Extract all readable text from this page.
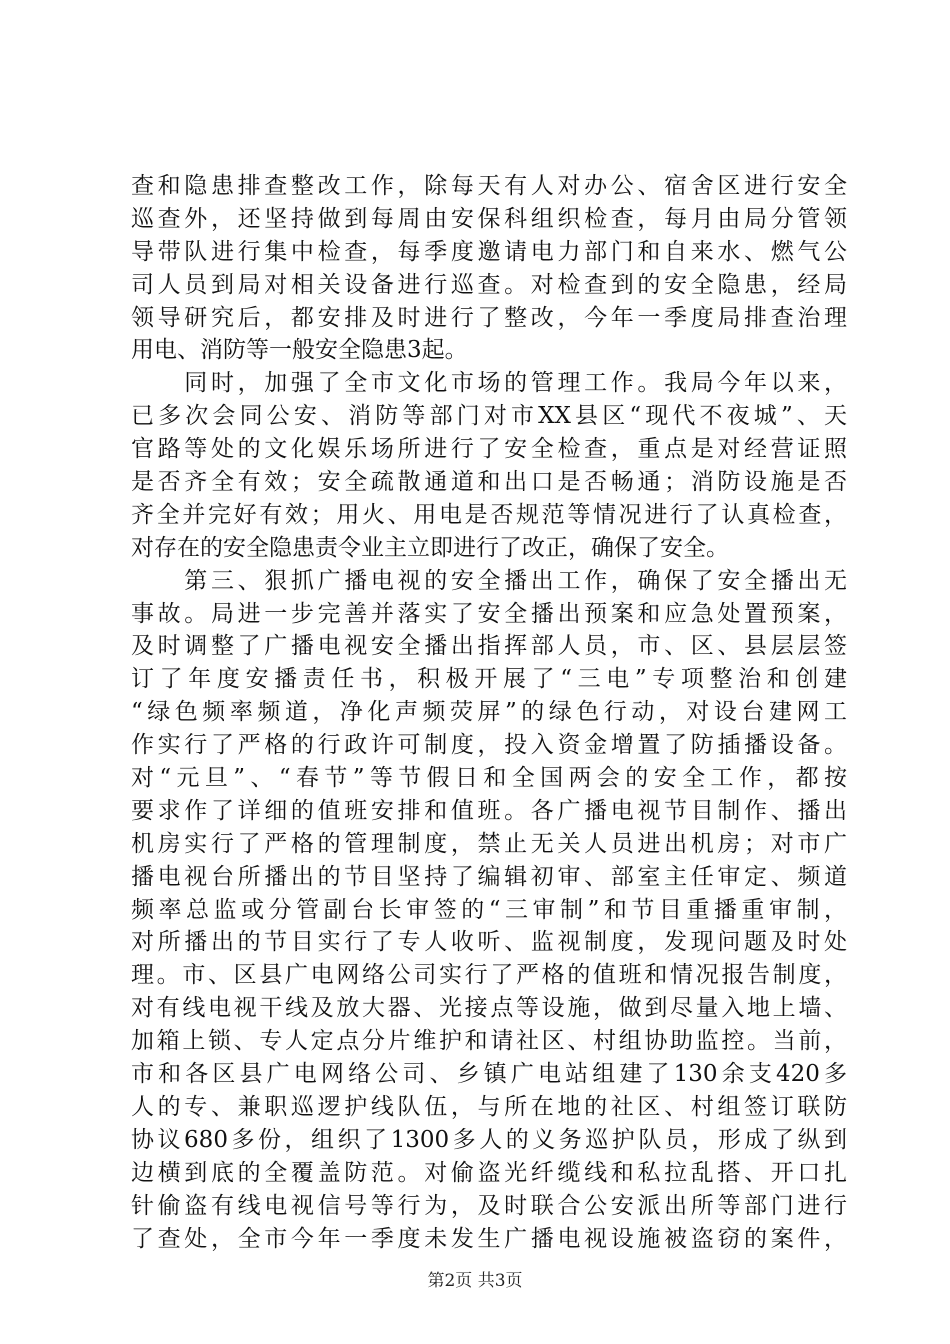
查和隐患排查整改工作，除每天有人对办公、宿舍区进行安全
巡查外，还坚持做到每周由安保科组织检查，每月由局分管领
导带队进行集中检查，每季度邀请电力部门和自来水、燃气公
司人员到局对相关设备进行巡查。对检查到的安全隐患，经局
领导研究后，都安排及时进行了整改，今年一季度局排查治理
用电、消防等一般安全隐患3起。
　　同时，加强了全市文化市场的管理工作。我局今年以来，
已多次会同公安、消防等部门对市XX县区“现代不夜城”、天
官路等处的文化娱乐场所进行了安全检查，重点是对经营证照
是否齐全有效；安全疏散通道和出口是否畅通；消防设施是否
齐全并完好有效；用火、用电是否规范等情况进行了认真检查，
对存在的安全隐患责令业主立即进行了改正，确保了安全。
　　第三、狠抓广播电视的安全播出工作，确保了安全播出无
事故。局进一步完善并落实了安全播出预案和应急处置预案，
及时调整了广播电视安全播出指挥部人员，市、区、县层层签
订了年度安播责任书，积极开展了“三电”专项整治和创建
“绿色频率频道，净化声频荧屏”的绿色行动，对设台建网工
作实行了严格的行政许可制度，投入资金增置了防插播设备。
对“元旦”、“春节”等节假日和全国两会的安全工作，都按
要求作了详细的值班安排和值班。各广播电视节目制作、播出
机房实行了严格的管理制度，禁止无关人员进出机房；对市广
播电视台所播出的节目坚持了编辑初审、部室主任审定、频道
频率总监或分管副台长审签的“三审制”和节目重播重审制，
对所播出的节目实行了专人收听、监视制度，发现问题及时处
理。市、区县广电网络公司实行了严格的值班和情况报告制度，
对有线电视干线及放大器、光接点等设施，做到尽量入地上墙、
加箱上锁、专人定点分片维护和请社区、村组协助监控。当前，
市和各区县广电网络公司、乡镇广电站组建了130余支420多
人的专、兼职巡逻护线队伍，与所在地的社区、村组签订联防
协议680多份，组织了1300多人的义务巡护队员，形成了纵到
边横到底的全覆盖防范。对偷盗光纤缆线和私拉乱搭、开口扎
针偷盗有线电视信号等行为，及时联合公安派出所等部门进行
了查处，全市今年一季度未发生广播电视设施被盗窃的案件，
第2页 共3页
